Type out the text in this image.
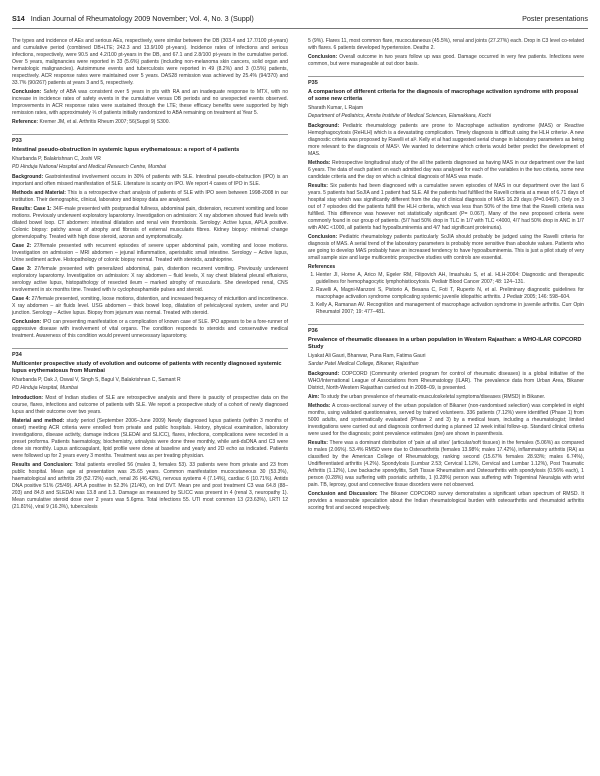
S14 Indian Journal of Rheumatology 2009 November; Vol. 4, No. 3 (Suppl)	Poster presentations

The types and incidence of AEs and serious AEs, respectively, were similar between the DB (303.4 and 17.7/100 pt-years) and cumulative period (combined DB+LTE; 242.3 and 13.9/100 pt-years). Incidence rates of infections and serious infections, respectively, were 90.5 and 4.2/100 pt-years in the DB, and 67.1 and 2.8/100 pt-years in the cumulative period. Over 5 years, malignancies were reported in 33 (5.6%) patients (including non-melanoma skin cancers, solid organ and hematologic malignancies). Autoimmune events and tuberculosis were reported in 49 (8.2%) and 3 (0.5%) patients, respectively. ACR response rates were maintained over 5 years. DAS28 remission was achieved by 25.4% (94/370) and 33.7% (90/267) patients at years 3 and 5, respectively.

Conclusion: Safety of ABA was consistent over 5 years in pts with RA and an inadequate response to MTX, with no increase in incidence rates of safety events in the cumulative versus DB periods and no unexpected events observed. Improvements in ACR response rates were sustained through the LTE; these efficacy benefits were supported by high remission rates, with approximately ⅓ of patients initially randomized to ABA remaining on treatment at Year 5.

Reference: Kremer JM, et al. Arthritis Rheum 2007; 56(Suppl 9) S300.

P33
Intestinal pseudo-obstruction in systemic lupus erythematosus: a report of 4 patients
Kharbanda P, Balakrishnan C, Joshi VR
PD Hinduja National Hospital and Medical Research Centre, Mumbai

Background: Gastrointestinal involvement occurs in 30% of patients with SLE. Intestinal pseudo-obstruction (IPO) is an important and often missed manifestation of SLE. Literature is scanty on IPO. We report 4 cases of IPO in SLE.

Methods and Material: This is a retrospective chart analysis of patients of SLE with IPO seen between 1998-2008 in our institution. Their demographic, clinical, laboratory and biopsy data are analysed.

Results: Case 1: 34/F-male presented with postprandial fullness, abdominal pain, distension, recurrent vomiting and loose motions. Previously underwent exploratory laparotomy. Investigation on admission: X ray abdomen showed fluid levels with dilated bowel loop. CT abdomen: intestinal dilatation and renal vein thrombosis. Serology: Active lupus, APLA positive. Colonic biopsy: patchy areas of atrophy and fibrosis of external muscularis fibres. Kidney biopsy: minimal change glomerulopathy. Treated with high dose steroid, azoran and symptomatically.

Case 2: 27/female presented with recurrent episodes of severe upper abdominal pain, vomiting and loose motions. Investigation on admission – MRI abdomen – jejunal inflammation, aperistaltic small intestine. Serology – Active lupus, Urine sediment active. Histopathology of colonic biopsy normal. Treated with steroids, azathioprine.

Case 3: 27/female presented with generalized abdominal, pain, distention recurrent vomiting. Previously underwent exploratory laparotomy. Investigation on admission: X ray abdomen – fluid levels, X ray chest bilateral pleural effusions, serology active lupus, histopathology of resected ileum – marked atrophy of muscularis. She developed renal, CNS involvement in six months time. Treated with iv cyclophosphamide pulses and steroid.

Case 4: 27/female presented, vomiting, loose motions, distention, and increased frequency of micturition and incontinence. X ray abdomen – air fluids level. USG abdomen – thick bowel loop, dilatation of pelvicalyceal system, ureter and PU junction. Serology – Active lupus. Biopsy from jejunum was normal. Treated with steroid.

Conclusion: IPO can presenting manifestation or a complication of known case of SLE. IPO appears to be a fore-runner of aggressive disease with involvement of vital organs. The condition responds to steroids and conservative medical treatment. Awareness of this condition would prevent unnecessary laparotomy.

P34
Multicenter prospective study of evolution and outcome of patients with recently diagnosed systemic lupus erythematosus from Mumbai
Kharbanda P, Oak J, Oswal V, Singh S, Bagul V, Balakrishnan C, Samant R
PD Hinduja Hospital, Mumbai

Introduction: Most of Indian studies of SLE are retrospective analysis and there is paucity of prospective data on the course, flares, infections and outcome of patients with SLE. We report a prospective study of a cohort of newly diagnosed lupus and their outcome over two years.

Material and method: study period (September 2006–June 2009) Newly diagnosed lupus patients (within 3 months of onset) meeting ACR criteria were enrolled from private and public hospitals. History, physical examination, laboratory investigations, disease activity, damage indices (SLEDAI and SLICC), flares, infections, complications were recorded in a preset proforma. Patients haematology, biochemistry, urinalysis were done three monthly, while anti-dsDNA and C3 were done six monthly. Lupus anticoagulant, lipid profile were done at baseline and yearly and 2D echo as indicated. Patients were followed up for 2 years every 3 months. Treatment was as per treating physician.

Results and Conclusion: Total patients enrolled 56 (males 3, females 53). 33 patients were from private and 23 from public hospital. Mean age at presentation was 25.65 years. Common manifestation mucocutaneous 30 (53.3%), haematological and arthritis 29 (52.72%) each, renal 26 (46.42%), nervous systems 4 (7.14%), cardiac 6 (10.71%). Antids DNA positive 51% (25/49). APLA positive in 52.3% (21/40), on Ind DVT. Mean pre and post treatment C3 was 64.8 (88–203) and 84.8 and SLEDAI was 13.8 and 1.3. Damage as measured by SLICC was present in 4 (renal 3, neuropathy 1). Mean cumulative steroid dose over 2 years was 5.6gms. Total infections 55. UTI most common 13 (23.63%), LRTI 12 (21.81%), viral 9 (16.3%), tuberculosis

5 (9%). Flares 11, most common flare, mucocutaneous (45.5%), renal and joints (27.27%) each. Drop in C3 level co-related with flares. 6 patients developed hypertension. Deaths 2.

Conclusion: Overall outcome in two years follow up was good. Damage occurred in very few patients. Infections were common, but were manageable at out door basis.

P35
A comparison of different criteria for the diagnosis of macrophage activation syndrome with proposal of some new criteria
Sharath Kumar, L Rajam
Department of Pediatrics, Amrita Institute of Medical Sciences, Elamakkara, Kochi

Background: Pediatric rheumatology patients are prone to Macrophage activation syndrome (MAS) or Reactive Hemophagocytosis (ReHLH) which is a devastating complication. Timely diagnosis is difficult using the HLH criteria¹. A new diagnostic criteria was proposed by Ravelli et al². Kelly et al had suggested serial change in laboratory parameters as being more relevant to the diagnosis of MAS³. We wanted to determine which criteria would better predict the development of MAS.

Methods: Retrospective longitudinal study of the all the patients diagnosed as having MAS in our department over the last 6 years. The data of each patient on each admitted day was analysed for each of the variables in the two criteria, some new candidate criteria and the day on which a clinical diagnosis of MAS was made.

Results: Six patients had been diagnosed with a cumulative seven episodes of MAS in our department over the last 6 years. 5 patients had SoJIA and 1 patient had SLE. All the patients had fulfilled the Ravelli criteria at a mean of 6.71 days of hospital stay which was significantly different from the day of clinical diagnosis of MAS 16.29 days (P=0.0467). Only on 3 out of 7 episodes did the patients fulfill the HLH criteria, which was less than 50% of the time that the Ravelli criteria was fulfilled. This difference was however not statistically significant (P= 0.067). Many of the new proposed criteria were commonly found in our group of patients. (5/7 had 50% drop in TLC in 1/7 with TLC <4000, 4/7 had 50% drop in ANC in 1/7 with ANC <1000, all patients had hypoalbuminemia and 4/7 had significant proteinuria).

Conclusion: Pediatric rheumatology patients particularly SoJIA should probably be judged using the Ravelli criteria for diagnosis of MAS. A serial trend of the laboratory parameters is probably more sensitive than absolute values. Patients who are going to develop MAS probably have an increased tendency to have hypoalbuminemia. This is just a pilot study of very small sample size and large multicentric prospective studies with controls are essential.

References
1. Henter JI, Horne A, Arico M, Egeler RM, Filipovich AH, Imashuku S, et al. HLH-2004: Diagnostic and therapeutic guidelines for hemophagocytic lymphohistiocytosis. Pediatr Blood Cancer 2007; 48: 124–131.
2. Ravelli A, Magni-Manzoni S, Pistorio A, Besana C, Foti T, Ruperto N, et al. Preliminary diagnostic guidelines for macrophage activation syndrome complicating systemic juvenile idiopathic arthritis. J Pediatr 2005; 146: 598–604.
3. Kelly A, Ramanan AV. Recognition and management of macrophage activation syndrome in juvenile arthritis. Curr Opin Rheumatol 2007; 19: 477–481.
P36
Prevalence of rheumatic diseases in a urban population in Western Rajasthan: a WHO-ILAR COPCORD Study
Liyakat Ali Gauri, Bhanwar, Puna Ram, Fatima Gauri
Sardar Patel Medical College, Bikaner, Rajasthan

Background: COPCORD (Community oriented program for control of rheumatic diseases) is a global initiative of the WHO/International League of Associations from Rheumatology (ILAR). The prevalence data from Urban Area, Bikaner District, North-Western Rajasthan carried out in 2008–09, is presented.

Aim: To study the urban prevalence of rheumatic-musculoskeletal symptoms/diseases (RMSD) in Bikaner.

Methods: A cross-sectional survey of the urban population of Bikaner (non-randomised selection) was completed in eight months, using validated questionnaires, served by trained volunteers. 336 patients (7.12%) were identified (Phase 1) from 5000 adults, and systematically evaluated (Phase 2 and 3) by a medical team, including a rheumatologist; limited investigations were carried out and diagnosis confirmed during a planned 12 week initial follow-up. Standard clinical criteria were used for the diagnosis; point prevalence estimates (pre) are shown in parenthesis.

Results: There was a dominant distribution of 'pain at all sites' (articular/soft tissues) in the females (5.06%) as compared to males (2.06%). 53.4% RMSD were due to Osteoarthritis (females 13.98%; males 17.42%), inflammatory arthritis (RA) as classified by the American College of Rheumatology, ranking second (15.67% females 28.93%; males 6.74%), Undifferentiated arthritis (4.2%). Spondylosis (Lumbar 2.53; Cervical 1.12%, Cervical and Lumbar 1.12%), Post Traumatic Arthritis (1.12%), Low backache spondylitis, Soft Tissue Rheumatism and Osteoarthritis with spondylosis (0.56% each), 1 person (0.28%) was suffering with psoriatic arthritis, 1 (0.28%) person was suffering with Trigeminal Neuralgia with wrist pain. TB, leprosy, gout and connective tissue disorders were not observed.

Conclusion and Discussion: The Bikaner COPCORD survey demonstrates a significant urban spectrum of RMSD. It provides a reasonable speculation about the Indian rheumatological burden with osteoarthritis and rheumatoid arthritis scoring first and second respectively.
